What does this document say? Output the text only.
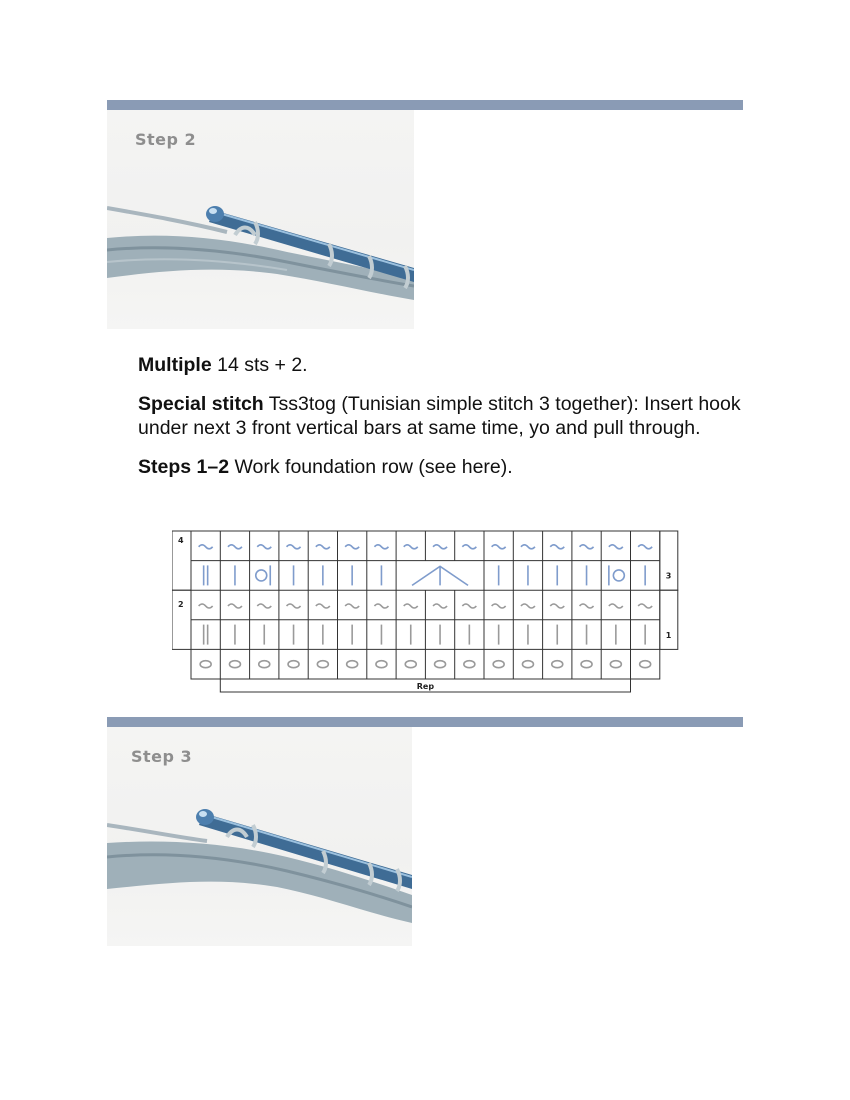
Step 2

Multiple 14 sts + 2.

Special stitch Tss3tog (Tunisian simple stitch 3 together): Insert hook under next 3 front vertical bars at same time, yo and pull through.

Steps 1–2 Work foundation row (see here).

Rep
4
2
3
1
Step 3
